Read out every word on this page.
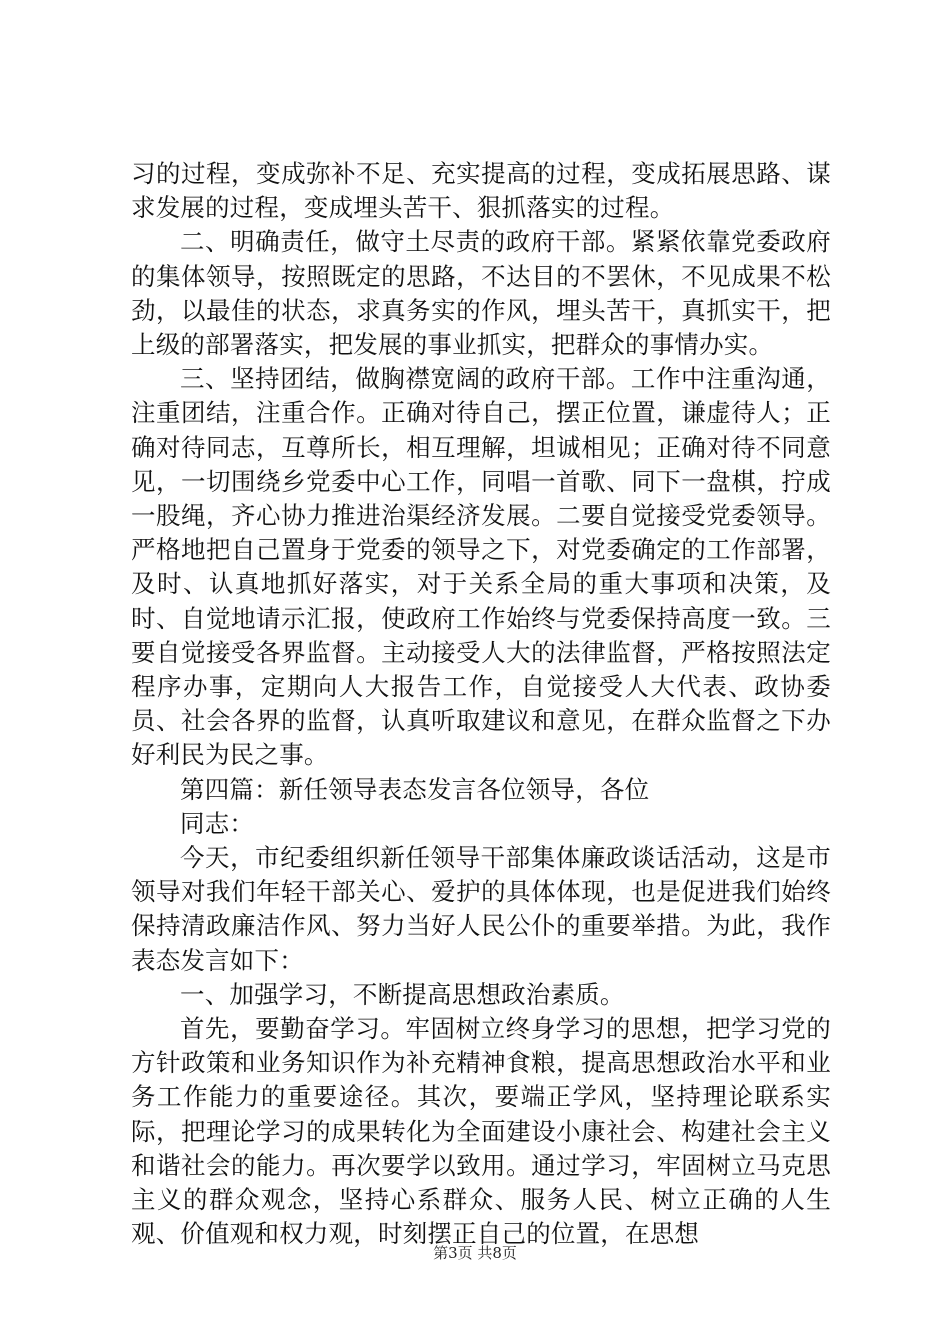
习的过程，变成弥补不足、充实提高的过程，变成拓展思路、谋求发展的过程，变成埋头苦干、狠抓落实的过程。

二、明确责任，做守土尽责的政府干部。紧紧依靠党委政府的集体领导，按照既定的思路，不达目的不罢休，不见成果不松劲，以最佳的状态，求真务实的作风，埋头苦干，真抓实干，把上级的部署落实，把发展的事业抓实，把群众的事情办实。

三、坚持团结，做胸襟宽阔的政府干部。工作中注重沟通，注重团结，注重合作。正确对待自己，摆正位置，谦虚待人；正确对待同志，互尊所长，相互理解，坦诚相见；正确对待不同意见，一切围绕乡党委中心工作，同唱一首歌、同下一盘棋，拧成一股绳，齐心协力推进治渠经济发展。二要自觉接受党委领导。严格地把自己置身于党委的领导之下，对党委确定的工作部署，及时、认真地抓好落实，对于关系全局的重大事项和决策，及时、自觉地请示汇报，使政府工作始终与党委保持高度一致。三要自觉接受各界监督。主动接受人大的法律监督，严格按照法定程序办事，定期向人大报告工作，自觉接受人大代表、政协委员、社会各界的监督，认真听取建议和意见，在群众监督之下办好利民为民之事。

第四篇：新任领导表态发言各位领导，各位

同志：

今天，市纪委组织新任领导干部集体廉政谈话活动，这是市领导对我们年轻干部关心、爱护的具体体现，也是促进我们始终保持清政廉洁作风、努力当好人民公仆的重要举措。为此，我作表态发言如下：

一、加强学习，不断提高思想政治素质。

首先，要勤奋学习。牢固树立终身学习的思想，把学习党的方针政策和业务知识作为补充精神食粮，提高思想政治水平和业务工作能力的重要途径。其次，要端正学风，坚持理论联系实际，把理论学习的成果转化为全面建设小康社会、构建社会主义和谐社会的能力。再次要学以致用。通过学习，牢固树立马克思主义的群众观念，坚持心系群众、服务人民、树立正确的人生观、价值观和权力观，时刻摆正自己的位置，在思想

第3页 共8页
